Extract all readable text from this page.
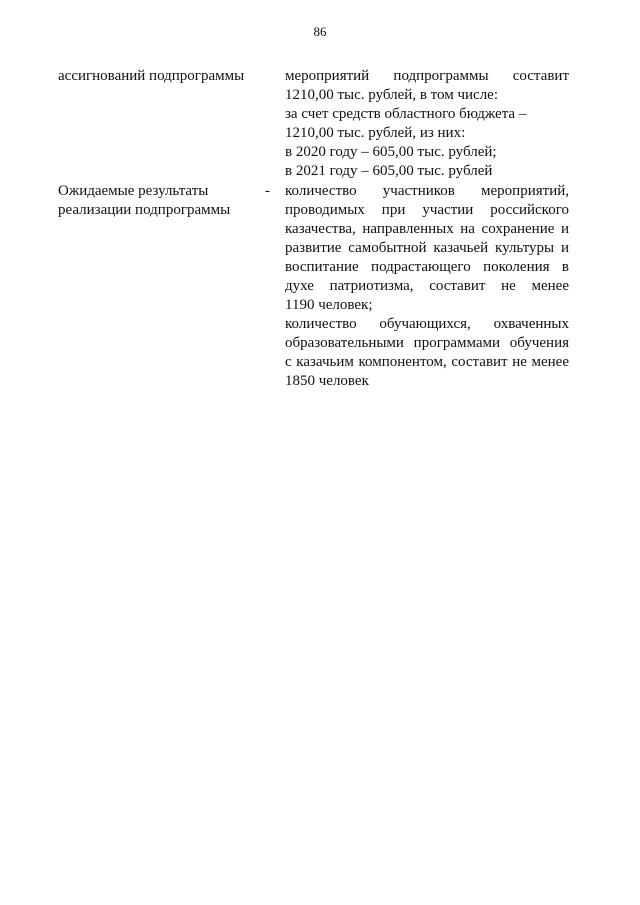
86
ассигнований подпрограммы	мероприятий подпрограммы составит
1210,00 тыс. рублей, в том числе:
за счет средств областного бюджета –
1210,00 тыс. рублей, из них:
в 2020 году – 605,00 тыс. рублей;
в 2021 году – 605,00 тыс. рублей
Ожидаемые результаты
реализации подпрограммы
- количество участников мероприятий,
проводимых при участии российского
казачества, направленных на сохранение и
развитие самобытной казачьей культуры и
воспитание подрастающего поколения в
духе патриотизма, составит не менее
1190 человек;
количество обучающихся, охваченных
образовательными программами обучения
с казачьим компонентом, составит не менее
1850 человек
